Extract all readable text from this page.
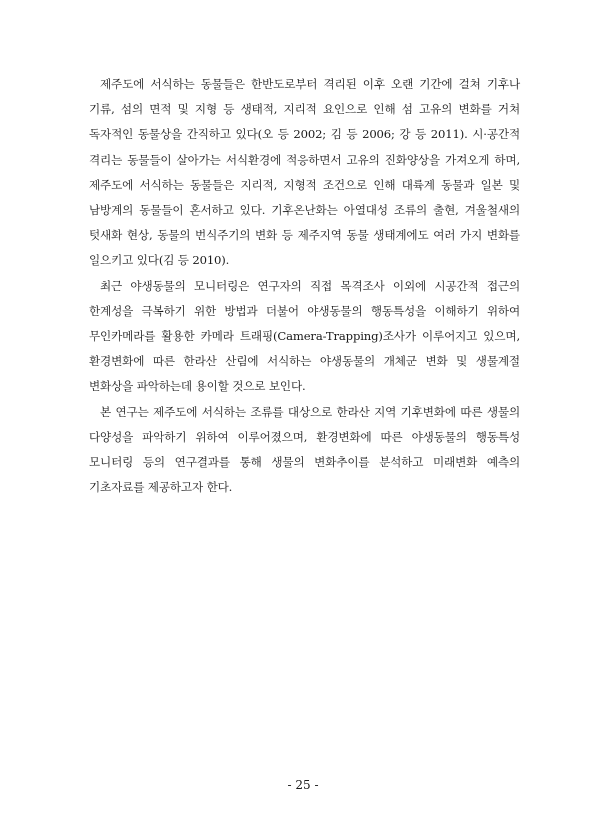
제주도에 서식하는 동물들은 한반도로부터 격리된 이후 오랜 기간에 걸쳐 기후나 기류, 섬의 면적 및 지형 등 생태적, 지리적 요인으로 인해 섬 고유의 변화를 거쳐 독자적인 동물상을 간직하고 있다(오 등 2002; 김 등 2006; 강 등 2011). 시·공간적 격리는 동물들이 살아가는 서식환경에 적응하면서 고유의 진화양상을 가져오게 하며, 제주도에 서식하는 동물들은 지리적, 지형적 조건으로 인해 대륙계 동물과 일본 및 남방계의 동물들이 혼서하고 있다. 기후온난화는 아열대성 조류의 출현, 겨울철새의 텃새화 현상, 동물의 번식주기의 변화 등 제주지역 동물 생태계에도 여러 가지 변화를 일으키고 있다(김 등 2010).

최근 야생동물의 모니터링은 연구자의 직접 목격조사 이외에 시공간적 접근의 한계성을 극복하기 위한 방법과 더불어 야생동물의 행동특성을 이해하기 위하여 무인카메라를 활용한 카메라 트래핑(Camera-Trapping)조사가 이루어지고 있으며, 환경변화에 따른 한라산 산림에 서식하는 야생동물의 개체군 변화 및 생물계절 변화상을 파악하는데 용이할 것으로 보인다.

본 연구는 제주도에 서식하는 조류를 대상으로 한라산 지역 기후변화에 따른 생물의 다양성을 파악하기 위하여 이루어졌으며, 환경변화에 따른 야생동물의 행동특성 모니터링 등의 연구결과를 통해 생물의 변화추이를 분석하고 미래변화 예측의 기초자료를 제공하고자 한다.

- 25 -
